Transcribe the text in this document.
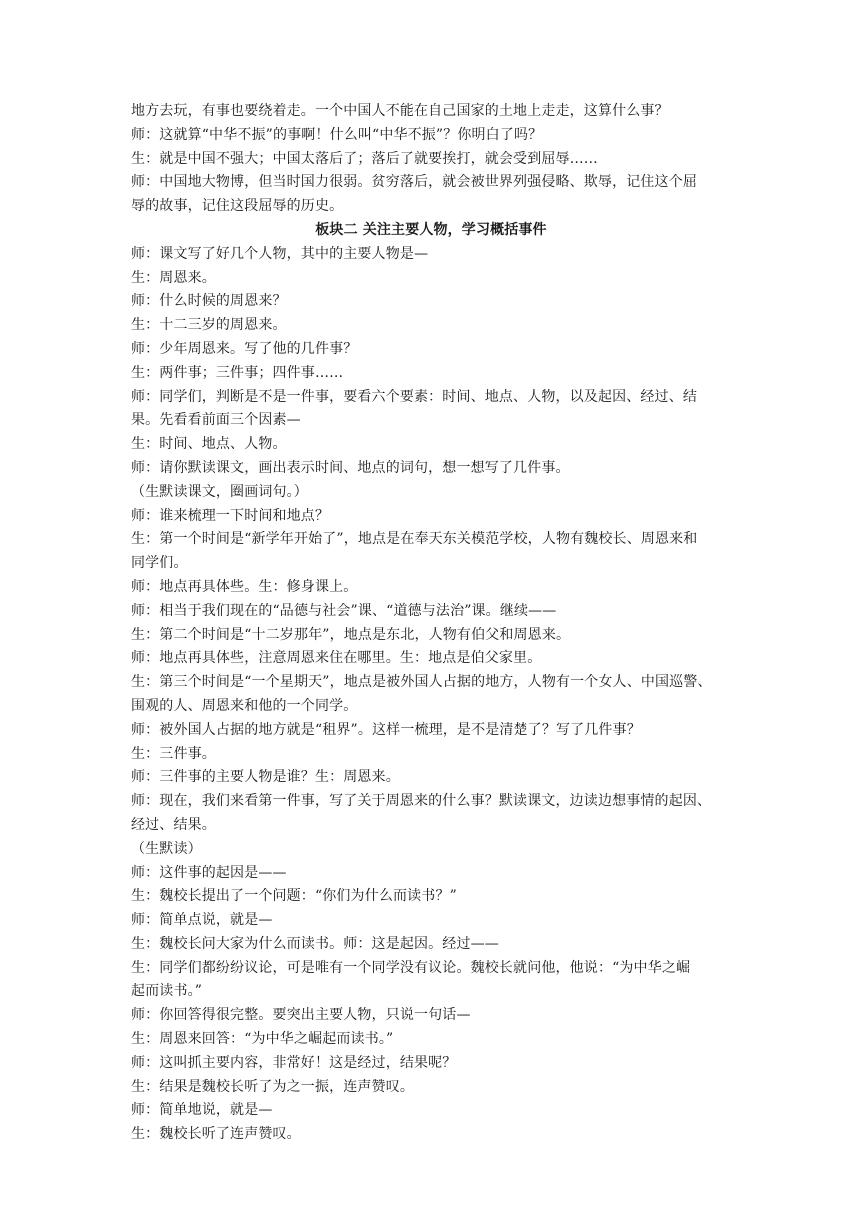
地方去玩，有事也要绕着走。一个中国人不能在自己国家的土地上走走，这算什么事？
师：这就算“中华不振”的事啊！什么叫“中华不振”？你明白了吗？
生：就是中国不强大；中国太落后了；落后了就要挨打，就会受到屈辱……
师：中国地大物博，但当时国力很弱。贫穷落后，就会被世界列强侵略、欺辱，记住这个屈
辱的故事，记住这段屈辱的历史。
板块二 关注主要人物，学习概括事件
师：课文写了好几个人物，其中的主要人物是—
生：周恩来。
师：什么时候的周恩来？
生：十二三岁的周恩来。
师：少年周恩来。写了他的几件事？
生：两件事；三件事；四件事……
师：同学们，判断是不是一件事，要看六个要素：时间、地点、人物，以及起因、经过、结
果。先看看前面三个因素—
生：时间、地点、人物。
师：请你默读课文，画出表示时间、地点的词句，想一想写了几件事。
（生默读课文，圈画词句。）
师：谁来梳理一下时间和地点？
生：第一个时间是“新学年开始了”，地点是在奉天东关模范学校，人物有魏校长、周恩来和
同学们。
师：地点再具体些。生：修身课上。
师：相当于我们现在的“品德与社会”课、“道德与法治”课。继续——
生：第二个时间是“十二岁那年”，地点是东北，人物有伯父和周恩来。
师：地点再具体些，注意周恩来住在哪里。生：地点是伯父家里。
生：第三个时间是“一个星期天”，地点是被外国人占据的地方，人物有一个女人、中国巡警、
围观的人、周恩来和他的一个同学。
师：被外国人占据的地方就是“租界”。这样一梳理，是不是清楚了？写了几件事？
生：三件事。
师：三件事的主要人物是谁？生：周恩来。
师：现在，我们来看第一件事，写了关于周恩来的什么事？默读课文，边读边想事情的起因、
经过、结果。
（生默读）
师：这件事的起因是——
生：魏校长提出了一个问题：“你们为什么而读书？”
师：简单点说，就是—
生：魏校长问大家为什么而读书。师：这是起因。经过——
生：同学们都纷纷议论，可是唯有一个同学没有议论。魏校长就问他，他说：“为中华之崛
起而读书。”
师：你回答得很完整。要突出主要人物，只说一句话—
生：周恩来回答：“为中华之崛起而读书。”
师：这叫抓主要内容，非常好！这是经过，结果呢？
生：结果是魏校长听了为之一振，连声赞叹。
师：简单地说，就是—
生：魏校长听了连声赞叹。
